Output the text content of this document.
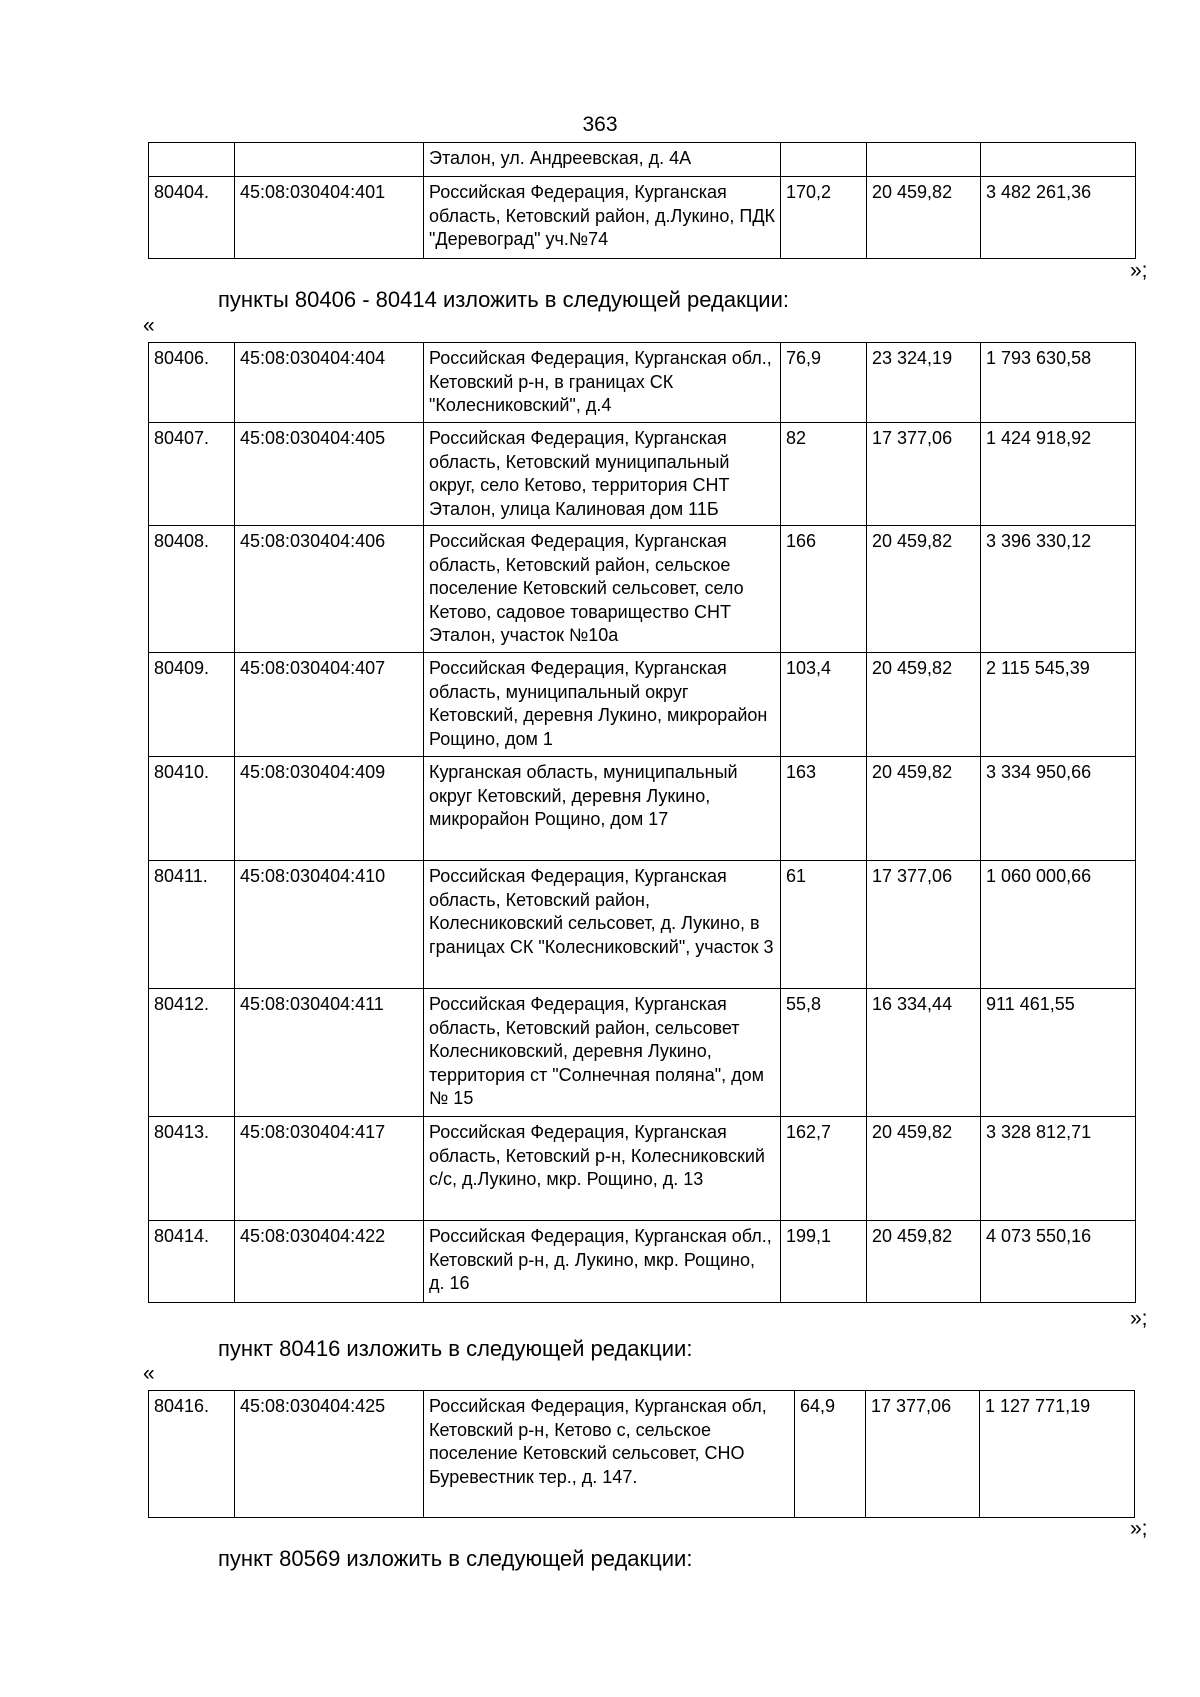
363
		Эталон, ул. Андреевская, д. 4А			
80404.	45:08:030404:401	Российская Федерация, Курганская область, Кетовский район, д.Лукино, ПДК "Деревоград" уч.№74	170,2	20 459,82	3 482 261,36
»;
пункты 80406 - 80414 изложить в следующей редакции:
«
80406.	45:08:030404:404	Российская Федерация, Курганская обл., Кетовский р-н, в границах СК "Колесниковский", д.4	76,9	23 324,19	1 793 630,58
80407.	45:08:030404:405	Российская Федерация, Курганская область, Кетовский муниципальный округ, село Кетово, территория СНТ Эталон, улица Калиновая дом 11Б	82	17 377,06	1 424 918,92
80408.	45:08:030404:406	Российская Федерация, Курганская область, Кетовский район, сельское поселение Кетовский сельсовет, село Кетово, садовое товарищество СНТ Эталон, участок №10а	166	20 459,82	3 396 330,12
80409.	45:08:030404:407	Российская Федерация, Курганская область, муниципальный округ Кетовский, деревня Лукино, микрорайон Рощино, дом 1	103,4	20 459,82	2 115 545,39
80410.	45:08:030404:409	Курганская область, муниципальный округ Кетовский, деревня Лукино, микрорайон Рощино, дом 17	163	20 459,82	3 334 950,66
80411.	45:08:030404:410	Российская Федерация, Курганская область, Кетовский район, Колесниковский сельсовет, д. Лукино, в границах СК "Колесниковский", участок 3	61	17 377,06	1 060 000,66
80412.	45:08:030404:411	Российская Федерация, Курганская область, Кетовский район, сельсовет Колесниковский, деревня Лукино, территория ст "Солнечная поляна", дом № 15	55,8	16 334,44	911 461,55
80413.	45:08:030404:417	Российская Федерация, Курганская область, Кетовский р-н, Колесниковский с/с, д.Лукино, мкр. Рощино, д. 13	162,7	20 459,82	3 328 812,71
80414.	45:08:030404:422	Российская Федерация, Курганская обл., Кетовский р-н, д. Лукино, мкр. Рощино, д. 16	199,1	20 459,82	4 073 550,16
»;
пункт 80416 изложить в следующей редакции:
«
80416.	45:08:030404:425	Российская Федерация, Курганская обл, Кетовский р-н, Кетово с, сельское поселение Кетовский сельсовет, СНО Буревестник тер., д. 147.	64,9	17 377,06	1 127 771,19
»;
пункт 80569 изложить в следующей редакции:
